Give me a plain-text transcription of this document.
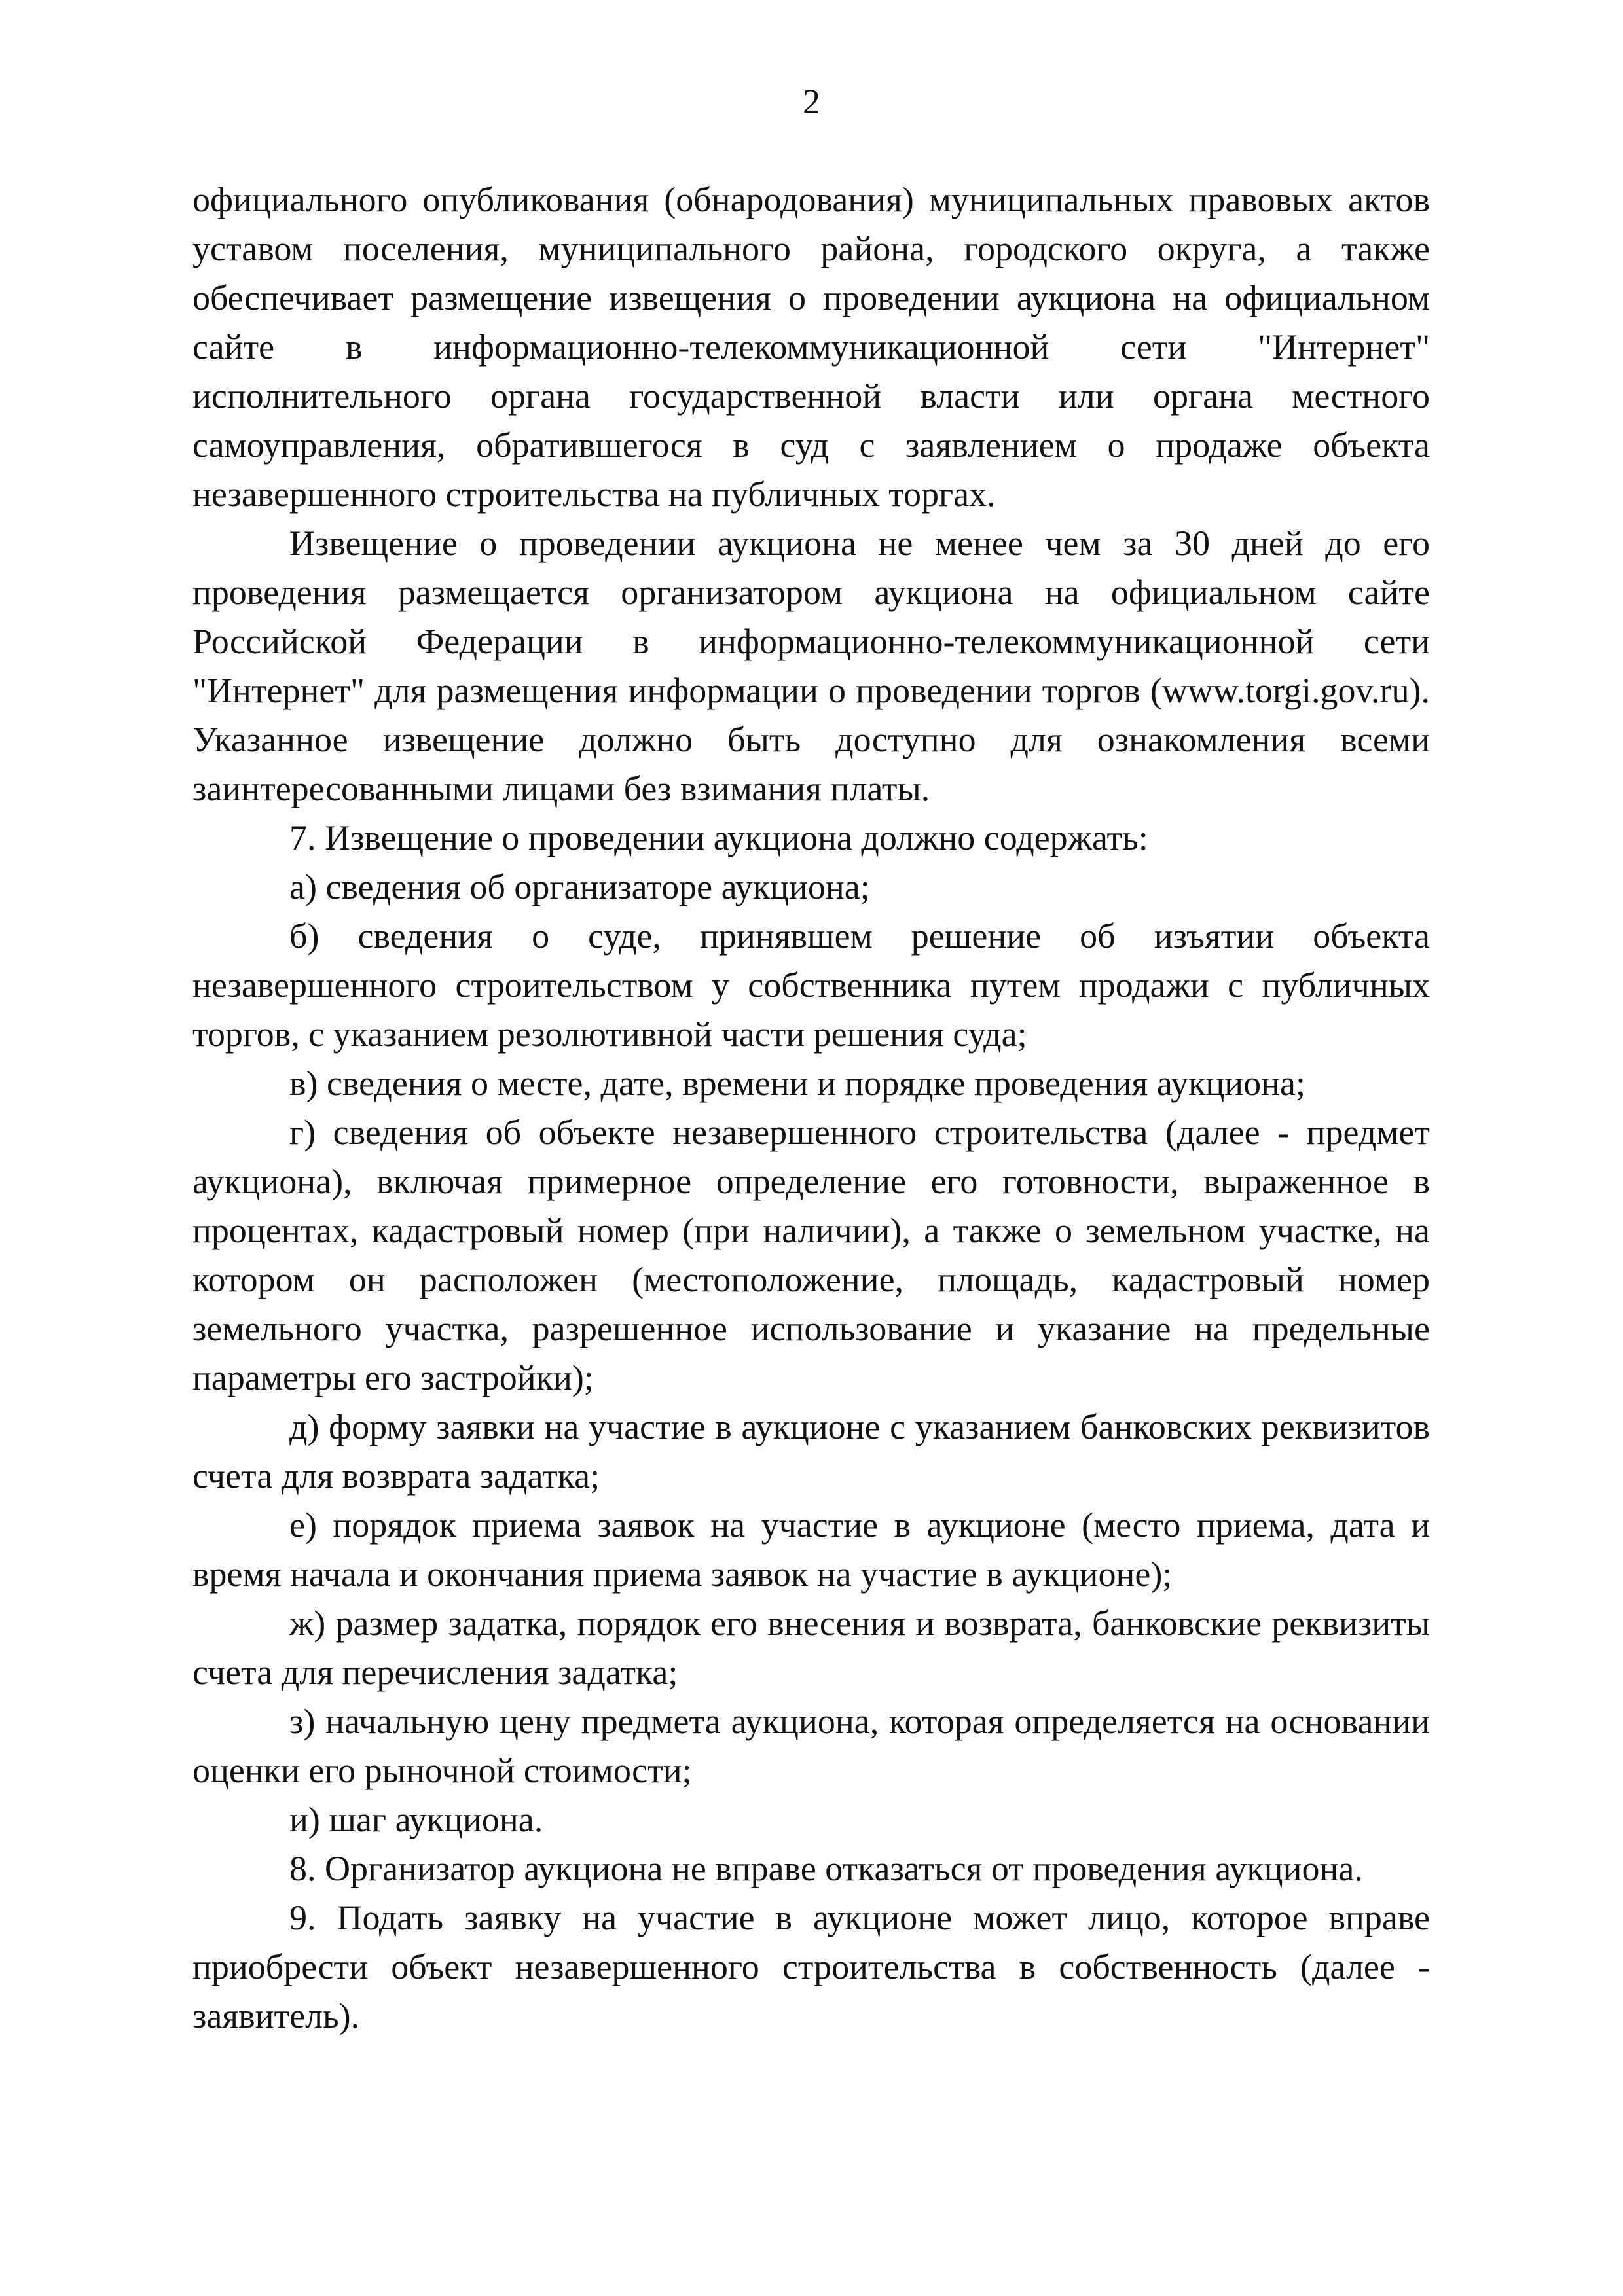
2

официального опубликования (обнародования) муниципальных правовых актов уставом поселения, муниципального района, городского округа, а также обеспечивает размещение извещения о проведении аукциона на официальном сайте в информационно-телекоммуникационной сети "Интернет" исполнительного органа государственной власти или органа местного самоуправления, обратившегося в суд с заявлением о продаже объекта незавершенного строительства на публичных торгах.

Извещение о проведении аукциона не менее чем за 30 дней до его проведения размещается организатором аукциона на официальном сайте Российской Федерации в информационно-телекоммуникационной сети "Интернет" для размещения информации о проведении торгов (www.torgi.gov.ru). Указанное извещение должно быть доступно для ознакомления всеми заинтересованными лицами без взимания платы.

7. Извещение о проведении аукциона должно содержать:

а) сведения об организаторе аукциона;

б) сведения о суде, принявшем решение об изъятии объекта незавершенного строительством у собственника путем продажи с публичных торгов, с указанием резолютивной части решения суда;

в) сведения о месте, дате, времени и порядке проведения аукциона;

г) сведения об объекте незавершенного строительства (далее - предмет аукциона), включая примерное определение его готовности, выраженное в процентах, кадастровый номер (при наличии), а также о земельном участке, на котором он расположен (местоположение, площадь, кадастровый номер земельного участка, разрешенное использование и указание на предельные параметры его застройки);

д) форму заявки на участие в аукционе с указанием банковских реквизитов счета для возврата задатка;

е) порядок приема заявок на участие в аукционе (место приема, дата и время начала и окончания приема заявок на участие в аукционе);

ж) размер задатка, порядок его внесения и возврата, банковские реквизиты счета для перечисления задатка;

з) начальную цену предмета аукциона, которая определяется на основании оценки его рыночной стоимости;

и) шаг аукциона.

8. Организатор аукциона не вправе отказаться от проведения аукциона.

9. Подать заявку на участие в аукционе может лицо, которое вправе приобрести объект незавершенного строительства в собственность (далее - заявитель).
